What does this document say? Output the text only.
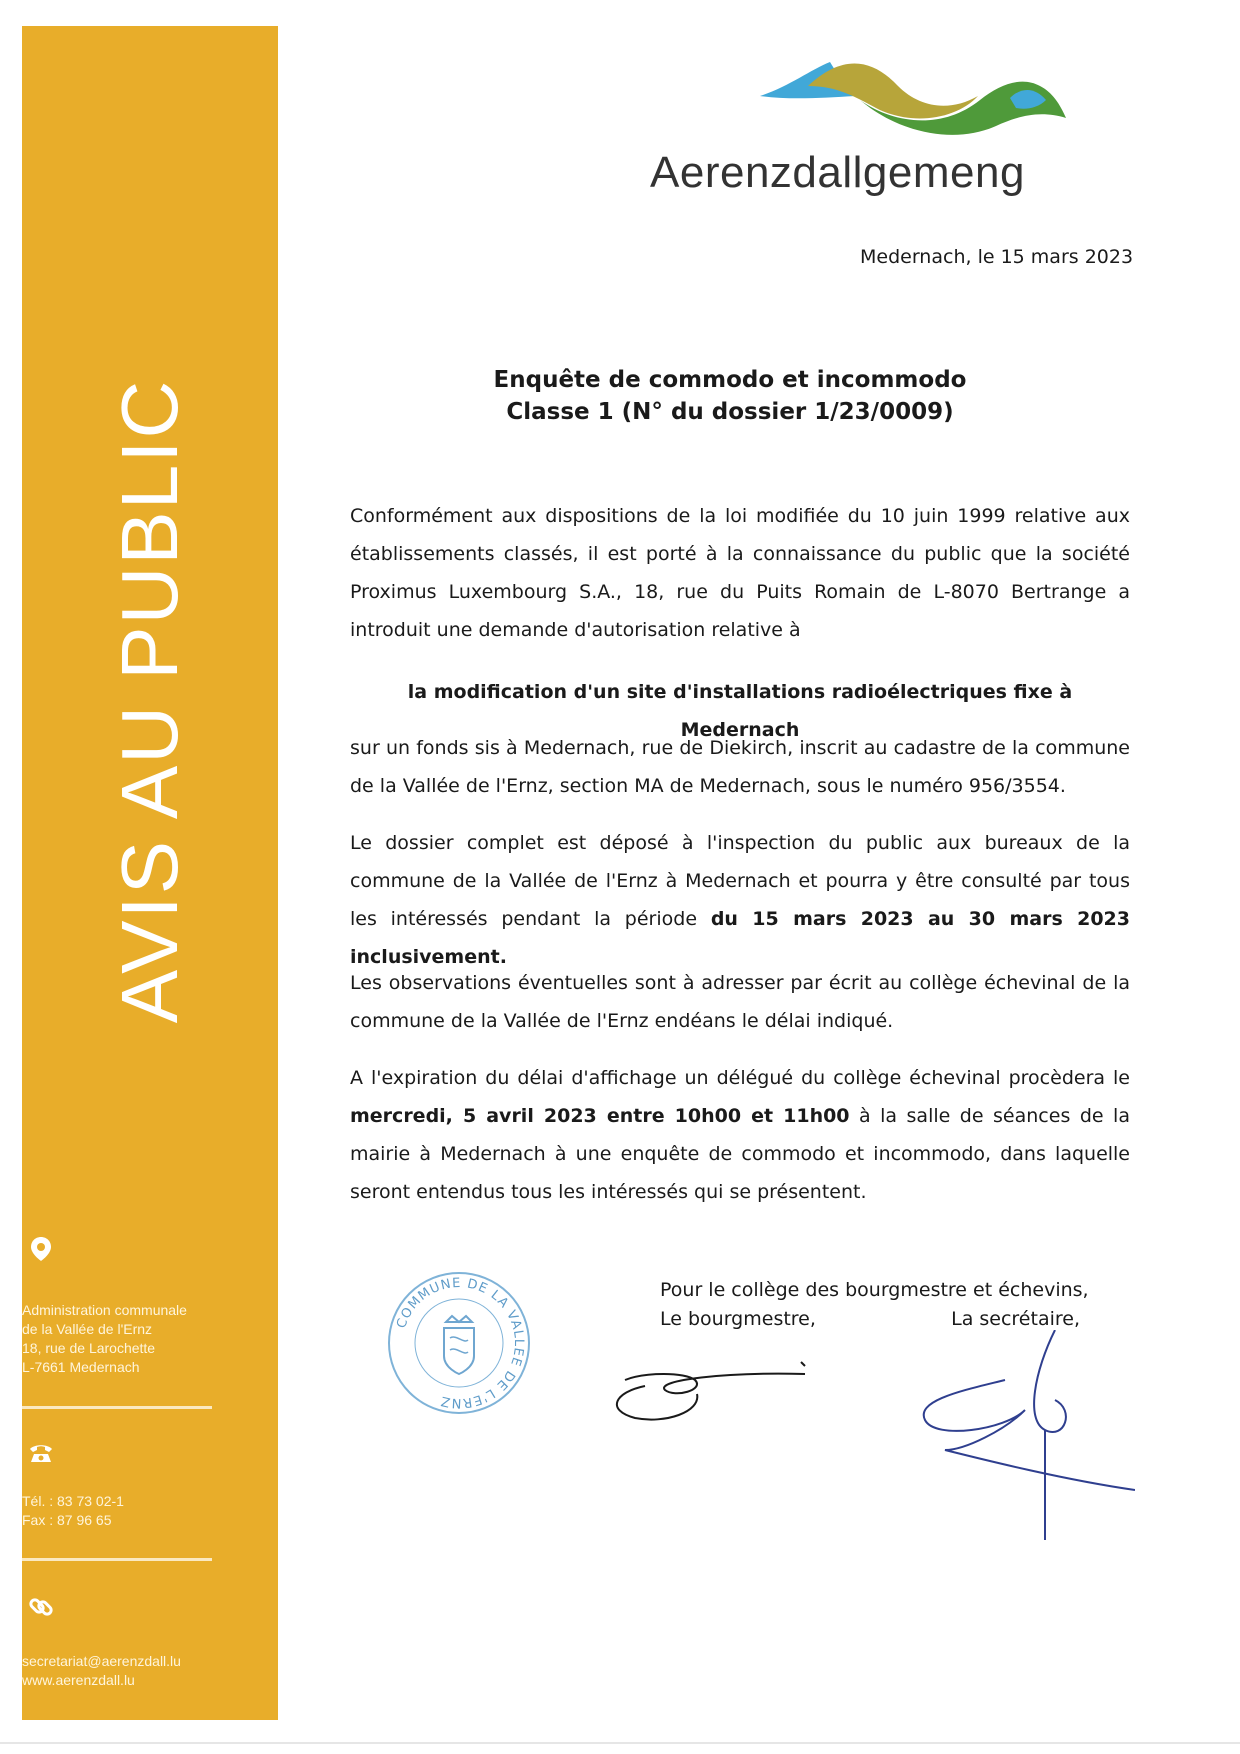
AVIS AU PUBLIC
Administration communale
de la Vallée de l'Ernz
18, rue de Larochette
L-7661 Medernach
Tél. : 83 73 02-1
Fax : 87 96 65
secretariat@aerenzdall.lu
www.aerenzdall.lu
Aerenzdallgemeng
Medernach, le 15 mars 2023
Enquête de commodo et incommodo
Classe 1 (N° du dossier 1/23/0009)

Conformément aux dispositions de la loi modifiée du 10 juin 1999 relative aux établissements classés, il est porté à la connaissance du public que la société Proximus Luxembourg S.A., 18, rue du Puits Romain de L-8070 Bertrange a introduit une demande d'autorisation relative à

la modification d'un site d'installations radioélectriques fixe à Medernach

sur un fonds sis à Medernach, rue de Diekirch, inscrit au cadastre de la commune de la Vallée de l'Ernz, section MA de Medernach, sous le numéro 956/3554.

Le dossier complet est déposé à l'inspection du public aux bureaux de la commune de la Vallée de l'Ernz à Medernach et pourra y être consulté par tous les intéressés pendant la période du 15 mars 2023 au 30 mars 2023 inclusivement.

Les observations éventuelles sont à adresser par écrit au collège échevinal de la commune de la Vallée de l'Ernz endéans le délai indiqué.

A l'expiration du délai d'affichage un délégué du collège échevinal procèdera le mercredi, 5 avril 2023 entre 10h00 et 11h00 à la salle de séances de la mairie à Medernach à une enquête de commodo et incommodo, dans laquelle seront entendus tous les intéressés qui se présentent.

COMMUNE DE LA VALLEE DE L'ERNZ
Pour le collège des bourgmestre et échevins,
Le bourgmestre,	La secrétaire,
